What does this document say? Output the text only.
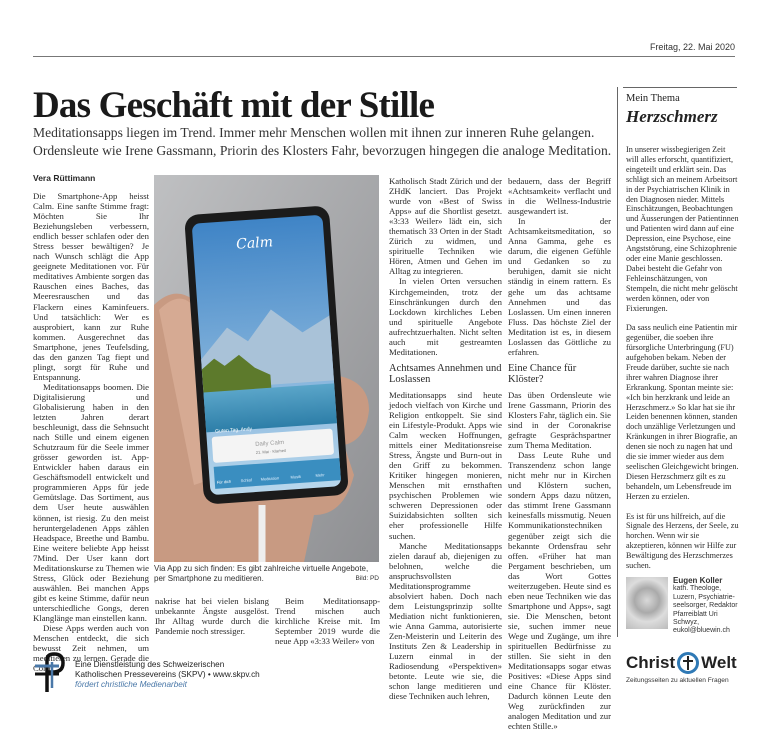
Freitag, 22. Mai 2020
Das Geschäft mit der Stille
Meditationsapps liegen im Trend. Immer mehr Menschen wollen mit ihnen zur inneren Ruhe gelangen. Ordensleute wie Irene Gassmann, Priorin des Klosters Fahr, bevorzugen hingegen die analoge Meditation.
Vera Rüttimann

Die Smartphone-App heisst Calm. Eine sanfte Stimme fragt: Möchten Sie Ihr Beziehungsleben verbessern, endlich besser schlafen oder den Stress besser bewältigen? Je nach Wunsch schlägt die App geeignete Meditationen vor. Für meditatives Ambiente sorgen das Rauschen eines Baches, das Meeresrauschen und das Flackern eines Kaminfeuers. Und tatsächlich: Wer es ausprobiert, kann zur Ruhe kommen. Ausgerechnet das Smartphone, jenes Teufelsding, das den ganzen Tag fiept und plingt, sorgt für Ruhe und Entspannung.

Meditationsapps boomen. Die Digitalisierung und Globalisierung haben in den letzten Jahren derart beschleunigt, dass die Sehnsucht nach Stille und einem eigenen Schutzraum für die Seele immer grösser geworden ist. App-Entwickler haben daraus ein Geschäftsmodell entwickelt und programmieren Apps für jede Gemütslage. Das Sortiment, aus dem User heute auswählen können, ist riesig. Zu den meist heruntergeladenen Apps zählen Headspace, Breethe und Bambu. Eine weitere beliebte App heisst 7Mind. Der User kann dort Meditationskurse zu Themen wie Stress, Glück oder Beziehung auswählen. Bei manchen Apps gibt es keine Stimme, dafür neun unterschiedliche Gongs, deren Klanglänge man einstellen kann.

Diese Apps werden auch von Menschen entdeckt, die sich bewusst Zeit nehmen, um meditieren zu lernen. Gerade die Coro-

Calm
Guten Tag, Andy
Daily Calm
21. Mai · Klarheit
Für dich Schlaf Meditation	Musik	Mehr
Via App zu sich finden: Es gibt zahlreiche virtuelle Angebote, per Smartphone zu meditieren.	Bild: PD

nakrise hat bei vielen bislang unbekannte Ängste ausgelöst. Ihr Alltag wurde durch die Pandemie noch stressiger.

Beim Meditationsapp-Trend mischen auch kirchliche Kreise mit. Im September 2019 wurde die neue App «3:33 Weiler» von

Katholisch Stadt Zürich und der ZHdK lanciert. Das Projekt wurde von «Best of Swiss Apps» auf die Shortlist gesetzt. «3:33 Weiler» lädt ein, sich thematisch 33 Orten in der Stadt Zürich zu widmen, und spirituelle Techniken wie Hören, Atmen und Gehen im Alltag zu integrieren.

In vielen Orten versuchen Kirchgemeinden, trotz der Einschränkungen durch den Lockdown kirchliches Leben und spirituelle Angebote aufrechtzuerhalten. Nicht selten auch mit gestreamten Meditationen.

Achtsames Annehmen und Loslassen

Meditationsapps sind heute jedoch vielfach von Kirche und Religion entkoppelt. Sie sind ein Lifestyle-Produkt. Apps wie Calm wecken Hoffnungen, mittels einer Meditationsreise Stress, Ängste und Burn-out in den Griff zu bekommen. Kritiker hingegen monieren, Menschen mit ernsthaften psychischen Problemen wie schweren Depressionen oder Suizidabsichten sollten sich eher professionelle Hilfe suchen.

Manche Meditationsapps zielen darauf ab, diejenigen zu belohnen, welche die anspruchsvollsten Meditationsprogramme absolviert haben. Doch nach dem Leistungsprinzip sollte Mediation nicht funktionieren, wie Anna Gamma, autorisierte Zen-Meisterin und Leiterin des Instituts Zen & Leadership in Luzern einmal in der Radiosendung «Perspektiven» betonte. Leute wie sie, die schon lange meditieren und diese Techniken auch lehren,

bedauern, dass der Begriff «Achtsamkeit» verflacht und in die Wellness-Industrie ausgewandert ist.

In der Achtsamkeitsmeditation, so Anna Gamma, gehe es darum, die eigenen Gefühle und Gedanken so zu beruhigen, damit sie nicht ständig in einem rattern. Es gehe um das achtsame Annehmen und das Loslassen. Um einen inneren Fluss. Das höchste Ziel der Meditation ist es, in diesem Loslassen das Göttliche zu erfahren.

Eine Chance für Klöster?

Das üben Ordensleute wie Irene Gassmann, Priorin des Klosters Fahr, täglich ein. Sie sind in der Coronakrise gefragte Gesprächspartner zum Thema Meditation.

Dass Leute Ruhe und Transzendenz schon lange nicht mehr nur in Kirchen und Klöstern suchen, sondern Apps dazu nützen, das stimmt Irene Gassmann keinesfalls missmutig. Neuen Kommunikationstechniken gegenüber zeigt sich die bekannte Ordensfrau sehr offen. «Früher hat man Pergament beschrieben, um das Wort Gottes weiterzugeben. Heute sind es eben neue Techniken wie das Smartphone und Apps», sagt sie. Die Menschen, betont sie, suchen immer neue Wege und Zugänge, um ihre spirituellen Bedürfnisse zu stillen. Sie sieht in den Meditationsapps sogar etwas Positives: «Diese Apps sind eine Chance für Klöster. Dadurch können Leute den Weg zurückfinden zur analogen Meditation und zur echten Stille.»

Mein Thema
Herzschmerz

In unserer wissbegierigen Zeit will alles erforscht, quantifiziert, eingeteilt und erklärt sein. Das schlägt sich an meinem Arbeitsort in der Psychiatrischen Klinik in den Diagnosen nieder. Mittels Einschätzungen, Beobachtungen und Äusserungen der Patientinnen und Patienten wird dann auf eine Depression, eine Psychose, eine Angststörung, eine Schizophrenie oder eine Manie geschlossen. Dabei besteht die Gefahr von Fehleinschätzungen, von Stempeln, die nicht mehr gelöscht werden können, oder von Fixierungen.

Da sass neulich eine Patientin mir gegenüber, die soeben ihre fürsorgliche Unterbringung (FU) aufgehoben bekam. Neben der Freude darüber, suchte sie nach ihrer wahren Diagnose ihrer Erkrankung. Spontan meinte sie: «Ich bin herzkrank und leide an Herzschmerz.» So klar hat sie ihr Leiden benennen können, standen doch unzählige Verletzungen und Kränkungen in ihrer Biografie, an denen sie noch zu nagen hat und die sie immer wieder aus dem seelischen Gleichgewicht bringen. Diesen Herzschmerz gilt es zu behandeln, um Lebensfreude im Herzen zu erzielen.

Es ist für uns hilfreich, auf die Signale des Herzens, der Seele, zu horchen. Wenn wir sie akzeptieren, können wir Hilfe zur Bewältigung des Herzschmerzes suchen.

Eugen Koller
kath. Theologe,
Luzern, Psychiatrie-
seelsorger, Redaktor
Pfarreiblatt Uri Schwyz,
eukol@bluewin.ch
Eine Dienstleistung des Schweizerischen
Katholischen Pressevereins (SKPV) • www.skpv.ch
fördert christliche Medienarbeit
Christ Welt
Zeitungsseiten zu aktuellen Fragen
